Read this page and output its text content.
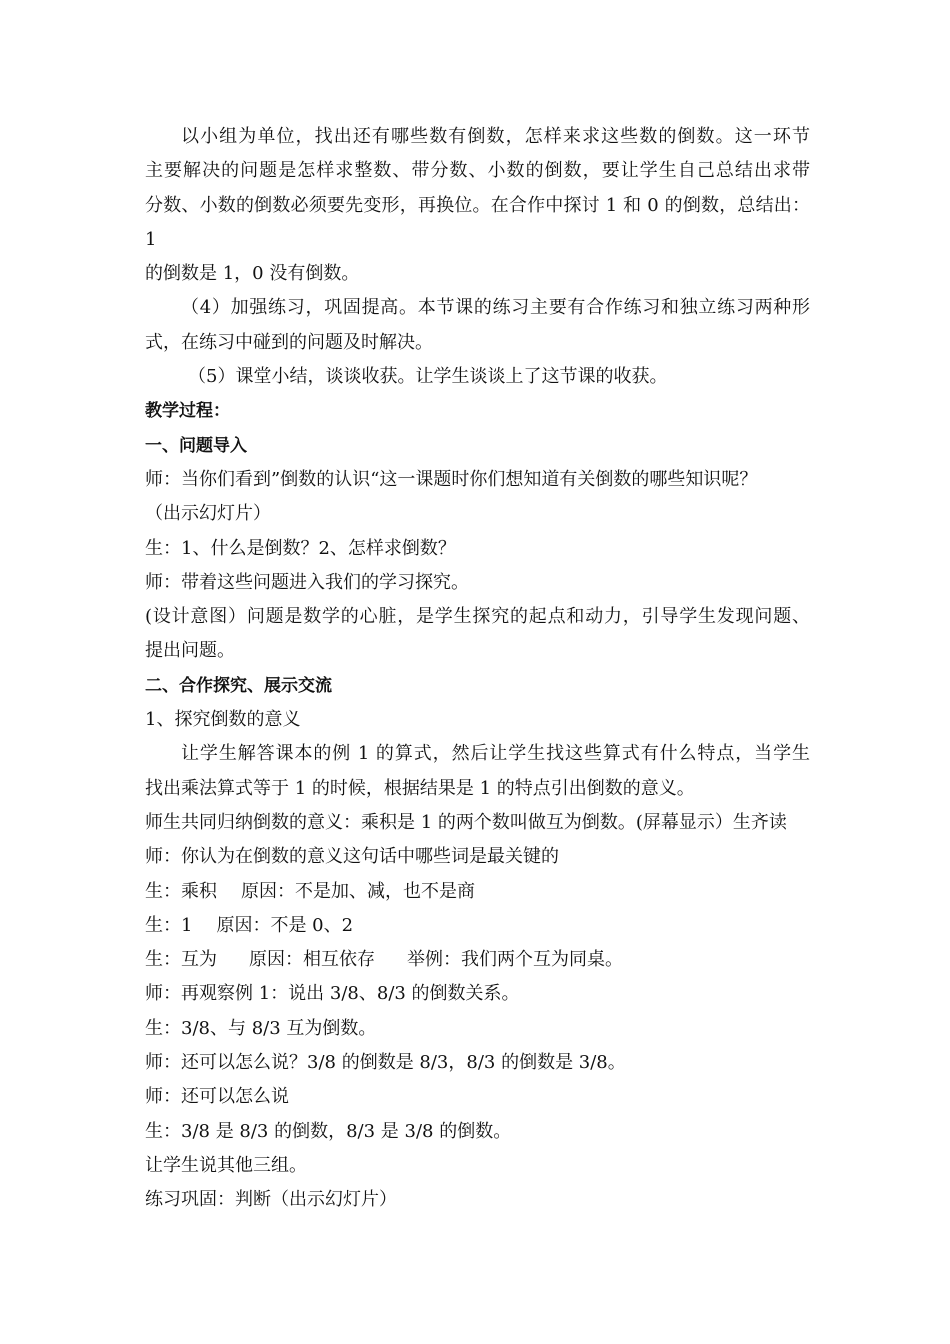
以小组为单位，找出还有哪些数有倒数，怎样来求这些数的倒数。这一环节

主要解决的问题是怎样求整数、带分数、小数的倒数，要让学生自己总结出求带

分数、小数的倒数必须要先变形，再换位。在合作中探讨 1 和 0 的倒数，总结出：1

的倒数是 1，0 没有倒数。

（4）加强练习，巩固提高。本节课的练习主要有合作练习和独立练习两种形

式，在练习中碰到的问题及时解决。

（5）课堂小结，谈谈收获。让学生谈谈上了这节课的收获。

教学过程：

一、问题导入

师：当你们看到”倒数的认识“这一课题时你们想知道有关倒数的哪些知识呢？

（出示幻灯片）

生：1、什么是倒数？2、怎样求倒数？

师：带着这些问题进入我们的学习探究。

(设计意图）问题是数学的心脏，是学生探究的起点和动力，引导学生发现问题、

提出问题。

二、合作探究、展示交流

1、探究倒数的意义

让学生解答课本的例 1 的算式，然后让学生找这些算式有什么特点，当学生

找出乘法算式等于 1 的时候，根据结果是 1 的特点引出倒数的意义。

师生共同归纳倒数的意义：乘积是 1 的两个数叫做互为倒数。(屏幕显示）生齐读

师：你认为在倒数的意义这句话中哪些词是最关键的

生：乘积 原因：不是加、减，也不是商

生：1 原因：不是 0、2

生：互为 原因：相互依存 举例：我们两个互为同桌。

师：再观察例 1：说出 3/8、8/3 的倒数关系。

生：3/8、与 8/3 互为倒数。

师：还可以怎么说？3/8 的倒数是 8/3，8/3 的倒数是 3/8。

师：还可以怎么说

生：3/8 是 8/3 的倒数，8/3 是 3/8 的倒数。

让学生说其他三组。

练习巩固：判断（出示幻灯片）
